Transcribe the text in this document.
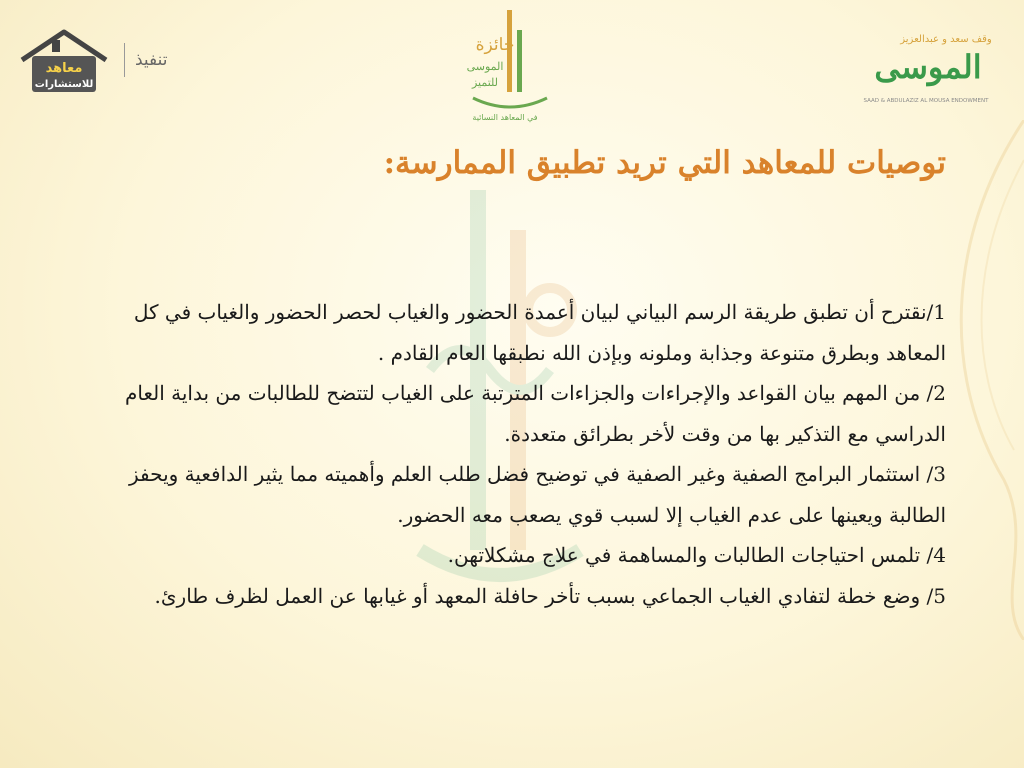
معاهد
للاستشارات
تنفيذ
جائزة
الموسى
للتميز
في المعاهد النسائية
وقف سعد و عبدالعزيز
الموسى
SAAD & ABDULAZIZ AL MOUSA ENDOWMENT
توصيات للمعاهد التي تريد تطبيق الممارسة:

1/نقترح أن تطبق طريقة الرسم البياني لبيان أعمدة الحضور والغياب لحصر الحضور والغياب في كل المعاهد وبطرق متنوعة وجذابة وملونه وبإذن الله نطبقها العام القادم .

2/ من المهم بيان القواعد والإجراءات والجزاءات المترتبة على الغياب لتتضح للطالبات من بداية العام الدراسي مع التذكير بها من وقت لأخر بطرائق متعددة.

3/ استثمار البرامج الصفية وغير الصفية في توضيح فضل طلب العلم وأهميته مما يثير الدافعية ويحفز الطالبة ويعينها على عدم الغياب إلا لسبب قوي يصعب معه الحضور.

4/ تلمس احتياجات الطالبات والمساهمة في علاج مشكلاتهن.

5/ وضع خطة لتفادي الغياب الجماعي بسبب تأخر حافلة المعهد أو غيابها عن العمل لظرف طارئ.
